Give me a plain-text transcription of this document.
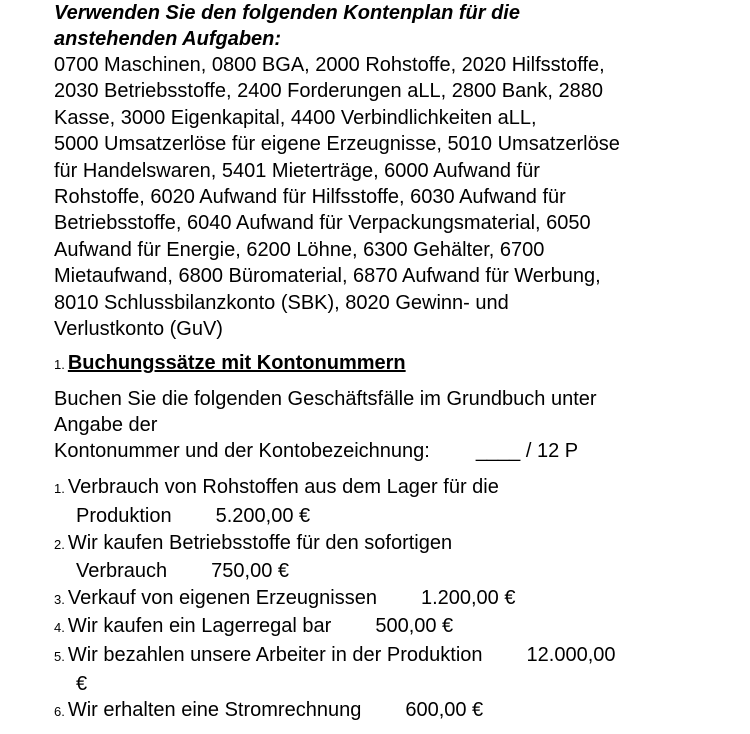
Verwenden Sie den folgenden Kontenplan für die
anstehenden Aufgaben:
0700 Maschinen, 0800 BGA, 2000 Rohstoffe, 2020 Hilfsstoffe,
2030 Betriebsstoffe, 2400 Forderungen aLL, 2800 Bank, 2880
Kasse, 3000 Eigenkapital, 4400 Verbindlichkeiten aLL,
5000 Umsatzerlöse für eigene Erzeugnisse, 5010 Umsatzerlöse
für Handelswaren, 5401 Mieterträge, 6000 Aufwand für
Rohstoffe, 6020 Aufwand für Hilfsstoffe, 6030 Aufwand für
Betriebsstoffe, 6040 Aufwand für Verpackungsmaterial, 6050
Aufwand für Energie, 6200 Löhne, 6300 Gehälter, 6700
Mietaufwand, 6800 Büromaterial, 6870 Aufwand für Werbung,
8010 Schlussbilanzkonto (SBK), 8020 Gewinn- und
Verlustkonto (GuV)
1. Buchungssätze mit Kontonummern
Buchen Sie die folgenden Geschäftsfälle im Grundbuch unter
Angabe der
Kontonummer und der Kontobezeichnung: ____ / 12 P
1. Verbrauch von Rohstoffen aus dem Lager für die
Produktion 5.200,00 €
2. Wir kaufen Betriebsstoffe für den sofortigen
Verbrauch 750,00 €
3. Verkauf von eigenen Erzeugnissen 1.200,00 €
4. Wir kaufen ein Lagerregal bar 500,00 €
5. Wir bezahlen unsere Arbeiter in der Produktion 12.000,00
€
6. Wir erhalten eine Stromrechnung 600,00 €
